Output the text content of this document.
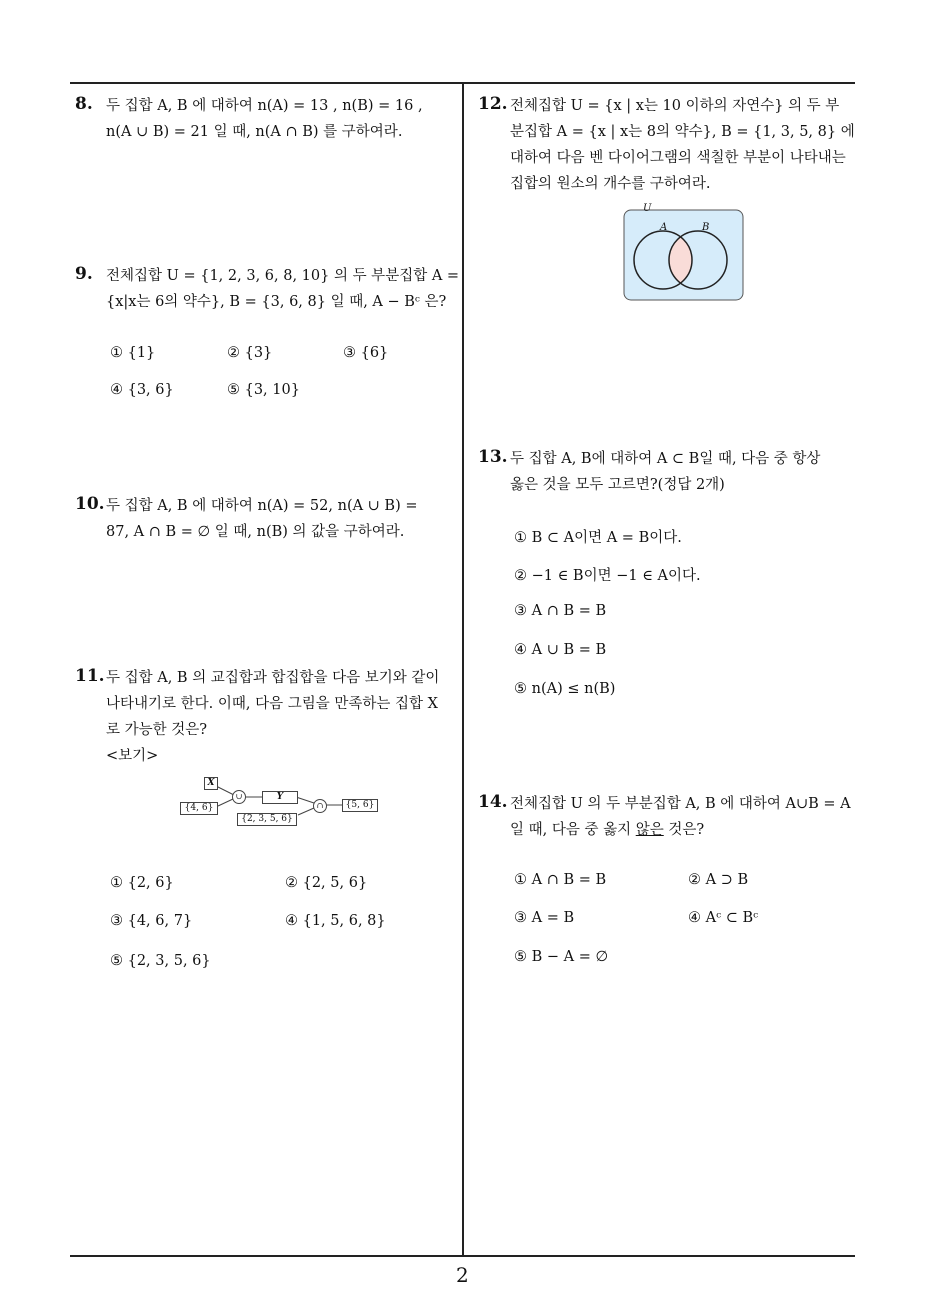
8. 두 집합 A, B 에 대하여 n(A) = 13 , n(B) = 16 ,
n(A ∪ B) = 21 일 때, n(A ∩ B) 를 구하여라.
9. 전체집합 U = {1, 2, 3, 6, 8, 10} 의 두 부분집합 A =
{x|x는 6의 약수}, B = {3, 6, 8} 일 때, A − Bᶜ 은?
① {1}	② {3}	③ {6}
④ {3, 6}	⑤ {3, 10}
10. 두 집합 A, B 에 대하여 n(A) = 52, n(A ∪ B) =
87, A ∩ B = ∅ 일 때, n(B) 의 값을 구하여라.
11. 두 집합 A, B 의 교집합과 합집합을 다음 보기와 같이
나타내기로 한다. 이때, 다음 그림을 만족하는 집합 X
로 가능한 것은?
<보기>
X
{4, 6}
∪	Y
{2, 3, 5, 6}
∩	{5, 6}
① {2, 6}	② {2, 5, 6}
③ {4, 6, 7}	④ {1, 5, 6, 8}
⑤ {2, 3, 5, 6}
12. 전체집합 U = {x | x는 10 이하의 자연수} 의 두 부
분집합 A = {x | x는 8의 약수}, B = {1, 3, 5, 8} 에
대하여 다음 벤 다이어그램의 색칠한 부분이 나타내는
집합의 원소의 개수를 구하여라.
U
A	B
13. 두 집합 A, B에 대하여 A ⊂ B일 때, 다음 중 항상
옳은 것을 모두 고르면?(정답 2개)
① B ⊂ A이면 A = B이다.
② −1 ∈ B이면 −1 ∈ A이다.
③ A ∩ B = B
④ A ∪ B = B
⑤ n(A) ≤ n(B)
14. 전체집합 U 의 두 부분집합 A, B 에 대하여 A∪B = A
일 때, 다음 중 옳지 않은 것은?
① A ∩ B = B	② A ⊃ B
③ A = B	④ Aᶜ ⊂ Bᶜ
⑤ B − A = ∅
2
